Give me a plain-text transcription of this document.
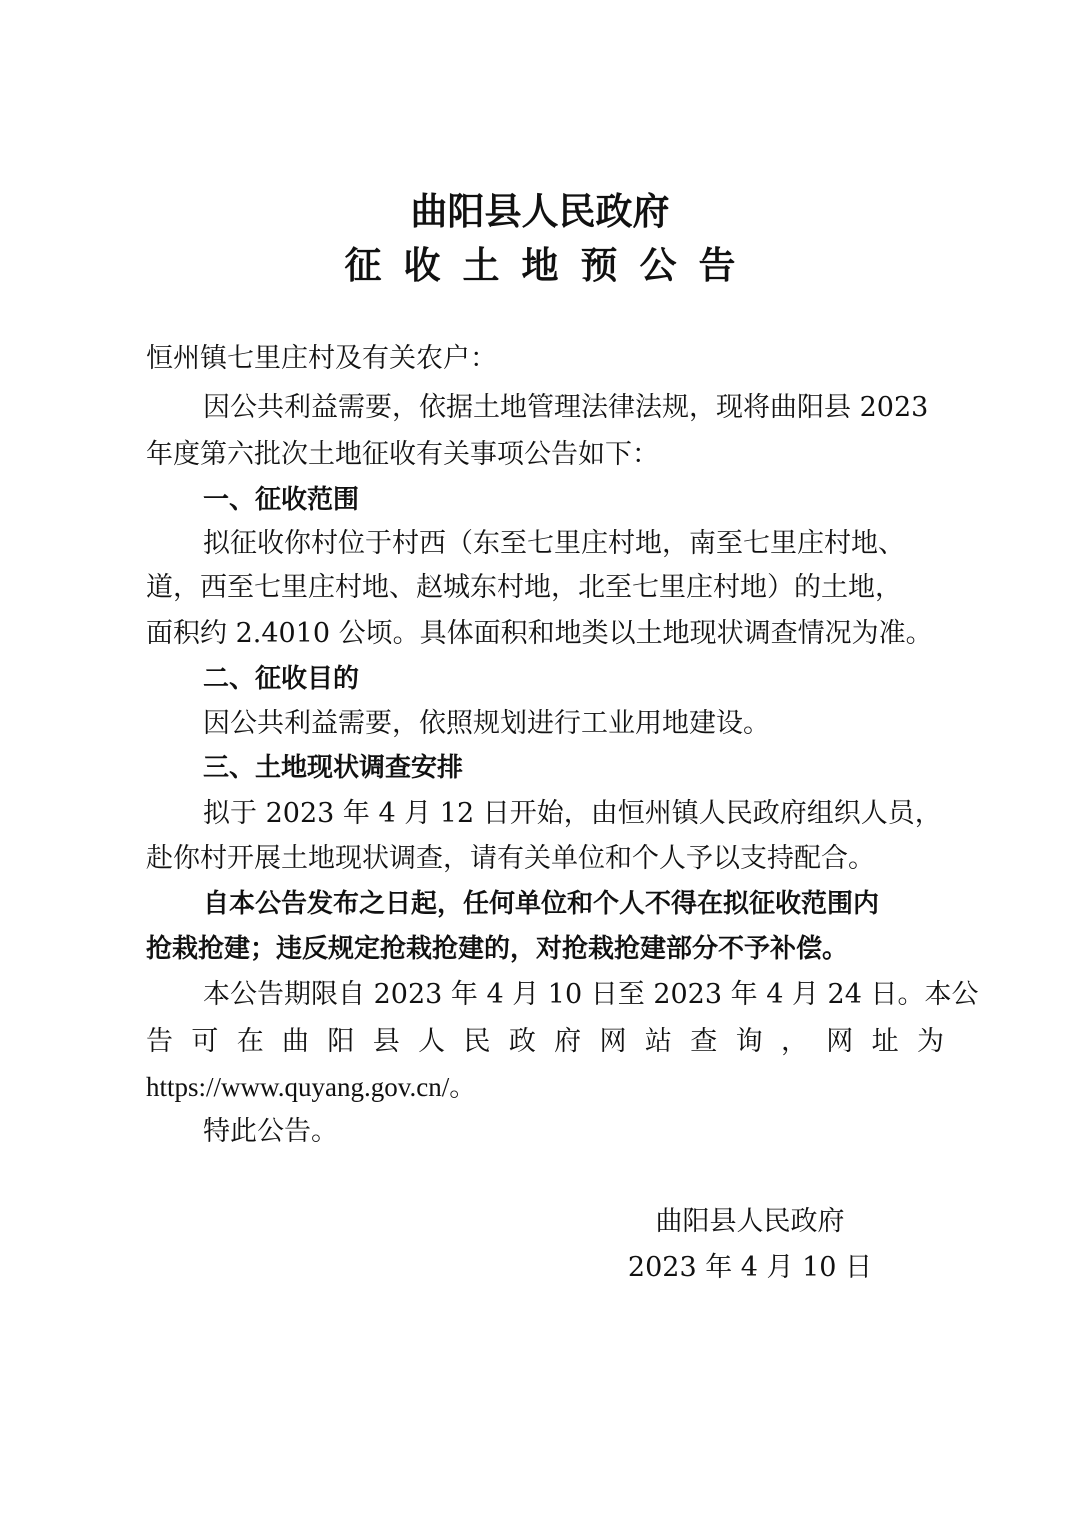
曲阳县人民政府
征收土地预公告
恒州镇七里庄村及有关农户：
因公共利益需要，依据土地管理法律法规，现将曲阳县 2023
年度第六批次土地征收有关事项公告如下：
一、征收范围
拟征收你村位于村西（东至七里庄村地，南至七里庄村地、
道，西至七里庄村地、赵城东村地，北至七里庄村地）的土地，
面积约 2.4010 公顷。具体面积和地类以土地现状调查情况为准。
二、征收目的
因公共利益需要，依照规划进行工业用地建设。
三、土地现状调查安排
拟于 2023 年 4 月 12 日开始，由恒州镇人民政府组织人员，
赴你村开展土地现状调查，请有关单位和个人予以支持配合。
自本公告发布之日起，任何单位和个人不得在拟征收范围内
抢栽抢建；违反规定抢栽抢建的，对抢栽抢建部分不予补偿。
本公告期限自 2023 年 4 月 10 日至 2023 年 4 月 24 日。本公
告可在曲阳县人民政府网站查询，网址为
https://www.quyang.gov.cn/。
特此公告。
曲阳县人民政府
2023 年 4 月 10 日
